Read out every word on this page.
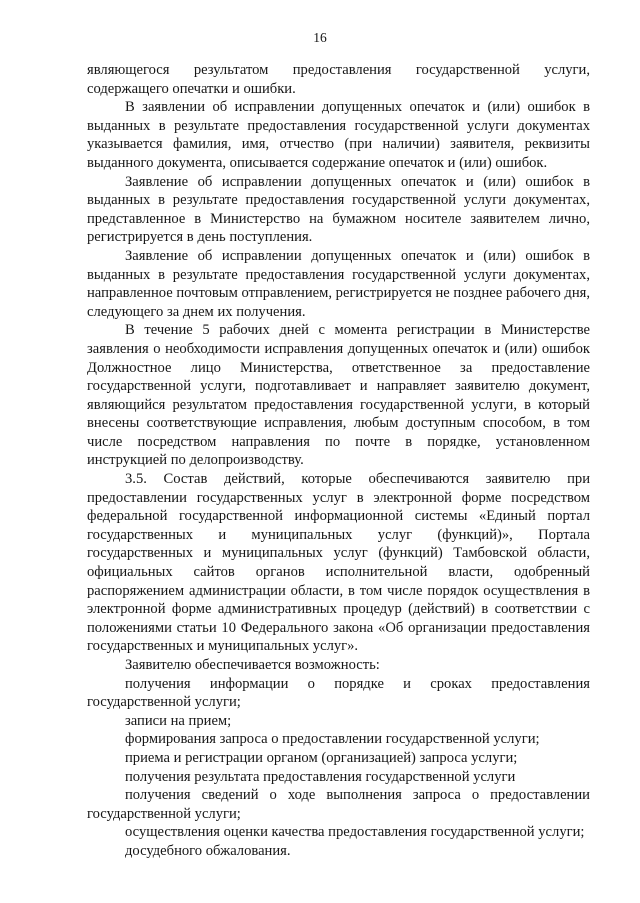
16

являющегося результатом предоставления государственной услуги, содержащего опечатки и ошибки.

В заявлении об исправлении допущенных опечаток и (или) ошибок в выданных в результате предоставления государственной услуги документах указывается фамилия, имя, отчество (при наличии) заявителя, реквизиты выданного документа, описывается содержание опечаток и (или) ошибок.

Заявление об исправлении допущенных опечаток и (или) ошибок в выданных в результате предоставления государственной услуги документах, представленное в Министерство на бумажном носителе заявителем лично, регистрируется в день поступления.

Заявление об исправлении допущенных опечаток и (или) ошибок в выданных в результате предоставления государственной услуги документах, направленное почтовым отправлением, регистрируется не позднее рабочего дня, следующего за днем их получения.

В течение 5 рабочих дней с момента регистрации в Министерстве заявления о необходимости исправления допущенных опечаток и (или) ошибок Должностное лицо Министерства, ответственное за предоставление государственной услуги, подготавливает и направляет заявителю документ, являющийся результатом предоставления государственной услуги, в который внесены соответствующие исправления, любым доступным способом, в том числе посредством направления по почте в порядке, установленном инструкцией по делопроизводству.

3.5. Состав действий, которые обеспечиваются заявителю при предоставлении государственных услуг в электронной форме посредством федеральной государственной информационной системы «Единый портал государственных и муниципальных услуг (функций)», Портала государственных и муниципальных услуг (функций) Тамбовской области, официальных сайтов органов исполнительной власти, одобренный распоряжением администрации области, в том числе порядок осуществления в электронной форме административных процедур (действий) в соответствии с положениями статьи 10 Федерального закона «Об организации предоставления государственных и муниципальных услуг».

Заявителю обеспечивается возможность:

получения информации о порядке и сроках предоставления государственной услуги;

записи на прием;

формирования запроса о предоставлении государственной услуги;

приема и регистрации органом (организацией) запроса услуги;

получения результата предоставления государственной услуги

получения сведений о ходе выполнения запроса о предоставлении государственной услуги;

осуществления оценки качества предоставления государственной услуги;

досудебного обжалования.
